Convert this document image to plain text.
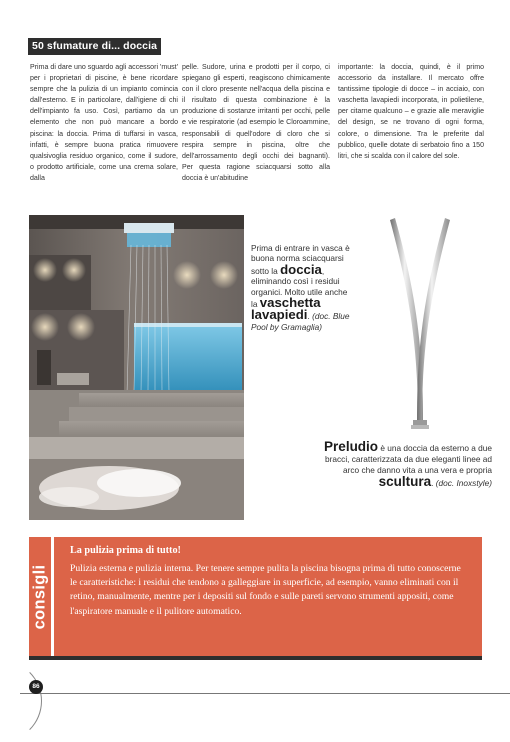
50 sfumature di... doccia
Prima di dare uno sguardo agli accessori 'must' per i proprietari di piscine, è bene ricordare sempre che la pulizia di un impianto comincia dall'esterno. E in particolare, dall'igiene di chi dell'impianto fa uso. Così, partiamo da un elemento che non può mancare a bordo piscina: la doccia. Prima di tuffarsi in vasca, infatti, è sempre buona pratica rimuovere qualsivoglia residuo organico, come il sudore, o prodotto artificiale, come una crema solare, dalla
pelle. Sudore, urina e prodotti per il corpo, ci spiegano gli esperti, reagiscono chimicamente con il cloro presente nell'acqua della piscina e il risultato di questa combinazione è la produzione di sostanze irritanti per occhi, pelle e vie respiratorie (ad esempio le Cloroammine, responsabili di quell'odore di cloro che si respira sempre in piscina, oltre che dell'arrossamento degli occhi dei bagnanti). Per questa ragione sciacquarsi sotto alla doccia è un'abitudine
importante: la doccia, quindi, è il primo accessorio da installare. Il mercato offre tantissime tipologie di docce – in acciaio, con vaschetta lavapiedi incorporata, in polietilene, per citarne qualcuno – e grazie alle meraviglie del design, se ne trovano di ogni forma, colore, o dimensione. Tra le preferite dal pubblico, quelle dotate di serbatoio fino a 150 litri, che si scalda con il calore del sole.
Prima di entrare in vasca è buona norma sciacquarsi sotto la doccia, eliminando così i residui organici. Molto utile anche la vaschetta lavapiedi. (doc. Blue Pool by Gramaglia)
Preludio è una doccia da esterno a due bracci, caratterizzata da due eleganti linee ad arco che danno vita a una vera e propria scultura. (doc. Inoxstyle)
consigli
La pulizia prima di tutto!
Pulizia esterna e pulizia interna. Per tenere sempre pulita la piscina bisogna prima di tutto conoscerne le caratteristiche: i residui che tendono a galleggiare in superficie, ad esempio, vanno eliminati con il retino, manualmente, mentre per i depositi sul fondo e sulle pareti servono strumenti appositi, come l'aspiratore manuale e il pulitore automatico.
86
